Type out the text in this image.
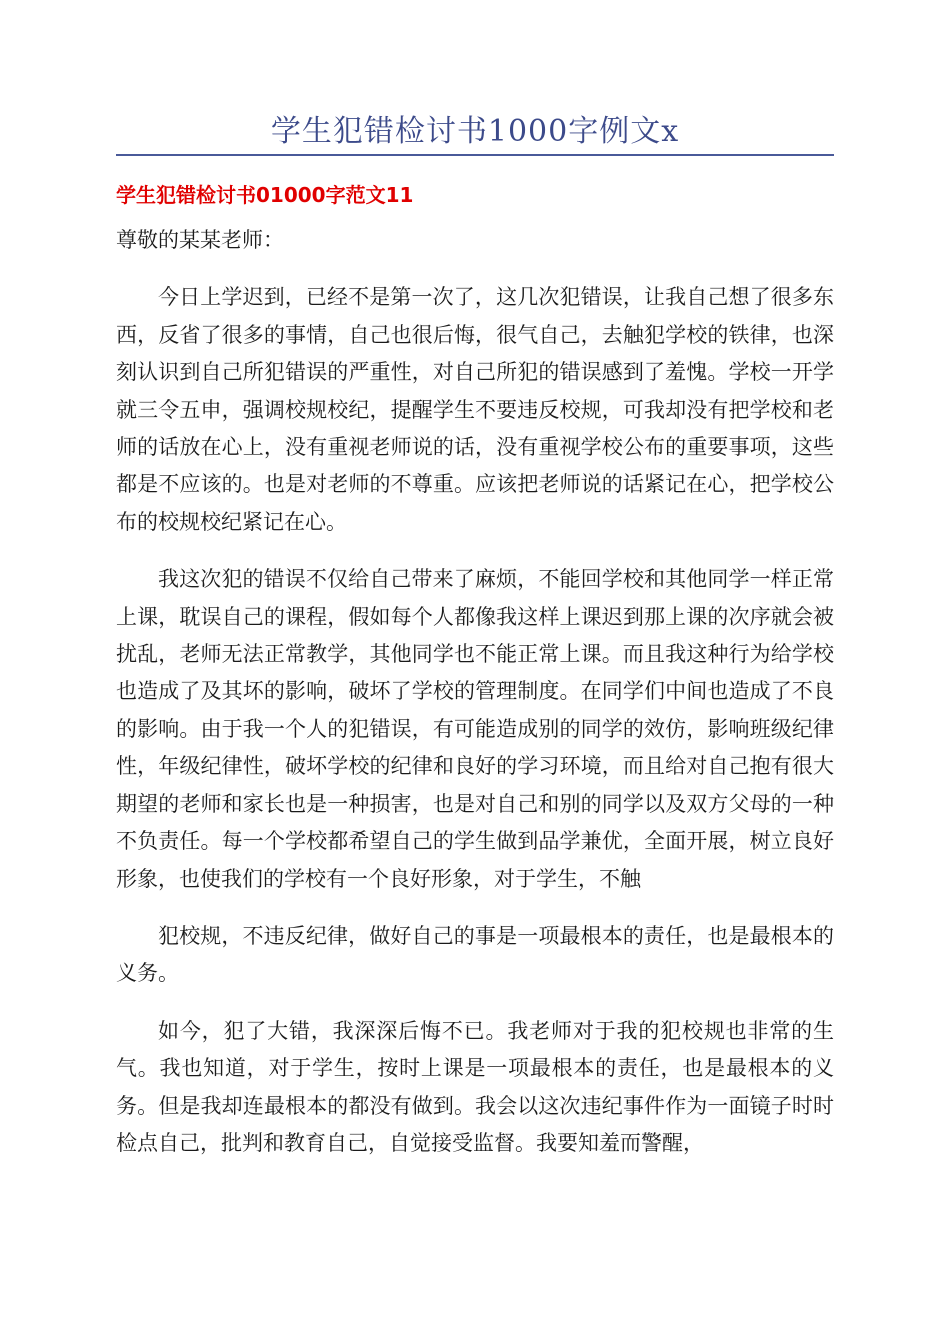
学生犯错检讨书1000字例文x
学生犯错检讨书01000字范文11

尊敬的某某老师：

今日上学迟到，已经不是第一次了，这几次犯错误，让我自己想了很多东西，反省了很多的事情，自己也很后悔，很气自己，去触犯学校的铁律，也深刻认识到自己所犯错误的严重性，对自己所犯的错误感到了羞愧。学校一开学就三令五申，强调校规校纪，提醒学生不要违反校规，可我却没有把学校和老师的话放在心上，没有重视老师说的话，没有重视学校公布的重要事项，这些都是不应该的。也是对老师的不尊重。应该把老师说的话紧记在心，把学校公布的校规校纪紧记在心。

我这次犯的错误不仅给自己带来了麻烦，不能回学校和其他同学一样正常上课，耽误自己的课程，假如每个人都像我这样上课迟到那上课的次序就会被扰乱，老师无法正常教学，其他同学也不能正常上课。而且我这种行为给学校也造成了及其坏的影响，破坏了学校的管理制度。在同学们中间也造成了不良的影响。由于我一个人的犯错误，有可能造成别的同学的效仿，影响班级纪律性，年级纪律性，破坏学校的纪律和良好的学习环境，而且给对自己抱有很大期望的老师和家长也是一种损害，也是对自己和别的同学以及双方父母的一种不负责任。每一个学校都希望自己的学生做到品学兼优，全面开展，树立良好形象，也使我们的学校有一个良好形象，对于学生，不触

犯校规，不违反纪律，做好自己的事是一项最根本的责任，也是最根本的义务。

如今，犯了大错，我深深后悔不已。我老师对于我的犯校规也非常的生气。我也知道，对于学生，按时上课是一项最根本的责任，也是最根本的义务。但是我却连最根本的都没有做到。我会以这次违纪事件作为一面镜子时时检点自己，批判和教育自己，自觉接受监督。我要知羞而警醒，
